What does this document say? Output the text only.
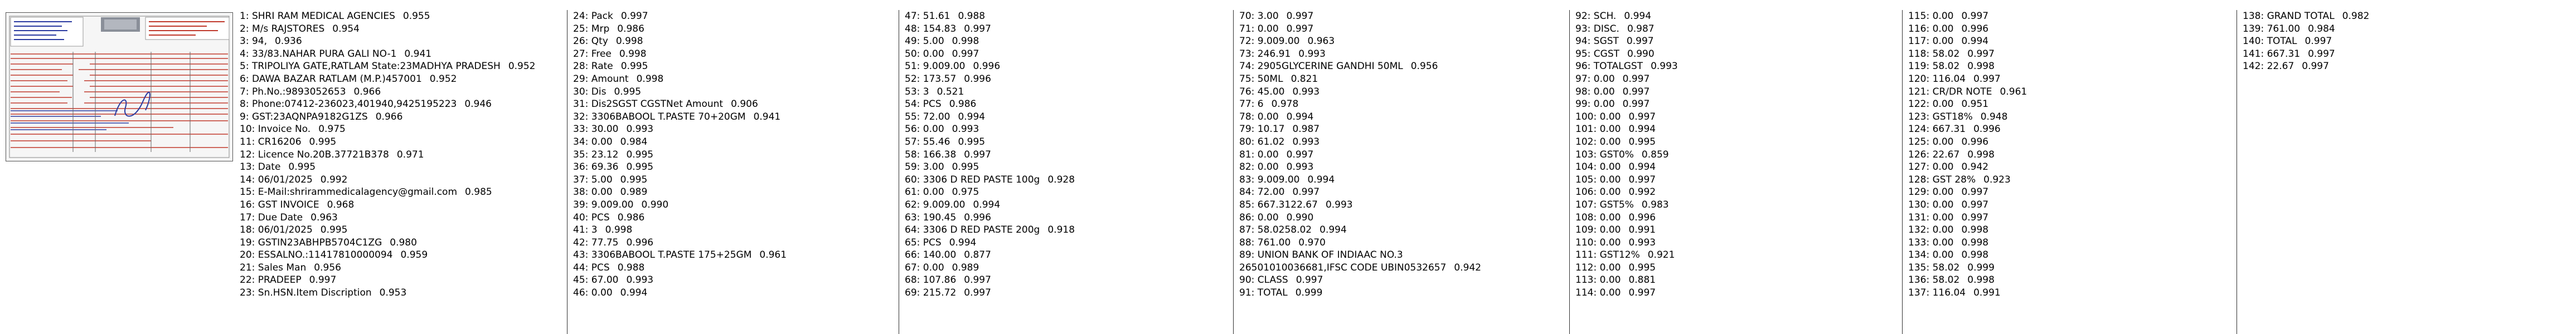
1: SHRI RAM MEDICAL AGENCIES 0.955
2: M/s RAJSTORES 0.954
3: 94, 0.936
4: 33/83.NAHAR PURA GALI NO-1 0.941
5: TRIPOLIYA GATE,RATLAM State:23MADHYA PRADESH 0.952
6: DAWA BAZAR RATLAM (M.P.)457001 0.952
7: Ph.No.:9893052653 0.966
8: Phone:07412-236023,401940,9425195223 0.946
9: GST:23AQNPA9182G1ZS 0.966
10: Invoice No. 0.975
11: CR16206 0.995
12: Licence No.20B.37721B378 0.971
13: Date 0.995
14: 06/01/2025 0.992
15: E-Mail:shrirammedicalagency@gmail.com 0.985
16: GST INVOICE 0.968
17: Due Date 0.963
18: 06/01/2025 0.995
19: GSTIN23ABHPB5704C1ZG 0.980
20: ESSALNO.:11417810000094 0.959
21: Sales Man 0.956
22: PRADEEP 0.997
23: Sn.HSN.Item Discription 0.953
24: Pack 0.997
25: Mrp 0.986
26: Qty 0.998
27: Free 0.998
28: Rate 0.995
29: Amount 0.998
30: Dis 0.995
31: Dis2SGST CGSTNet Amount 0.906
32: 3306BABOOL T.PASTE 70+20GM 0.941
33: 30.00 0.993
34: 0.00 0.984
35: 23.12 0.995
36: 69.36 0.995
37: 5.00 0.995
38: 0.00 0.989
39: 9.009.00 0.990
40: PCS 0.986
41: 3 0.998
42: 77.75 0.996
43: 3306BABOOL T.PASTE 175+25GM 0.961
44: PCS 0.988
45: 67.00 0.993
46: 0.00 0.994
47: 51.61 0.988
48: 154.83 0.997
49: 5.00 0.998
50: 0.00 0.997
51: 9.009.00 0.996
52: 173.57 0.996
53: 3 0.521
54: PCS 0.986
55: 72.00 0.994
56: 0.00 0.993
57: 55.46 0.995
58: 166.38 0.997
59: 3.00 0.995
60: 3306 D RED PASTE 100g 0.928
61: 0.00 0.975
62: 9.009.00 0.994
63: 190.45 0.996
64: 3306 D RED PASTE 200g 0.918
65: PCS 0.994
66: 140.00 0.877
67: 0.00 0.989
68: 107.86 0.997
69: 215.72 0.997
70: 3.00 0.997
71: 0.00 0.997
72: 9.009.00 0.963
73: 246.91 0.993
74: 2905GLYCERINE GANDHI 50ML 0.956
75: 50ML 0.821
76: 45.00 0.993
77: 6 0.978
78: 0.00 0.994
79: 10.17 0.987
80: 61.02 0.993
81: 0.00 0.997
82: 0.00 0.993
83: 9.009.00 0.994
84: 72.00 0.997
85: 667.3122.67 0.993
86: 0.00 0.990
87: 58.0258.02 0.994
88: 761.00 0.970
89: UNION BANK OF INDIAAC NO.3
26501010036681,IFSC CODE UBIN0532657 0.942
90: CLASS 0.997
91: TOTAL 0.999
92: SCH. 0.994
93: DISC. 0.987
94: SGST 0.997
95: CGST 0.990
96: TOTALGST 0.993
97: 0.00 0.997
98: 0.00 0.997
99: 0.00 0.997
100: 0.00 0.997
101: 0.00 0.994
102: 0.00 0.995
103: GST0% 0.859
104: 0.00 0.994
105: 0.00 0.997
106: 0.00 0.992
107: GST5% 0.983
108: 0.00 0.996
109: 0.00 0.991
110: 0.00 0.993
111: GST12% 0.921
112: 0.00 0.995
113: 0.00 0.881
114: 0.00 0.997
115: 0.00 0.997
116: 0.00 0.996
117: 0.00 0.994
118: 58.02 0.997
119: 58.02 0.998
120: 116.04 0.997
121: CR/DR NOTE 0.961
122: 0.00 0.951
123: GST18% 0.948
124: 667.31 0.996
125: 0.00 0.996
126: 22.67 0.998
127: 0.00 0.942
128: GST 28% 0.923
129: 0.00 0.997
130: 0.00 0.997
131: 0.00 0.997
132: 0.00 0.998
133: 0.00 0.998
134: 0.00 0.998
135: 58.02 0.999
136: 58.02 0.998
137: 116.04 0.991
138: GRAND TOTAL 0.982
139: 761.00 0.984
140: TOTAL 0.997
141: 667.31 0.997
142: 22.67 0.997
